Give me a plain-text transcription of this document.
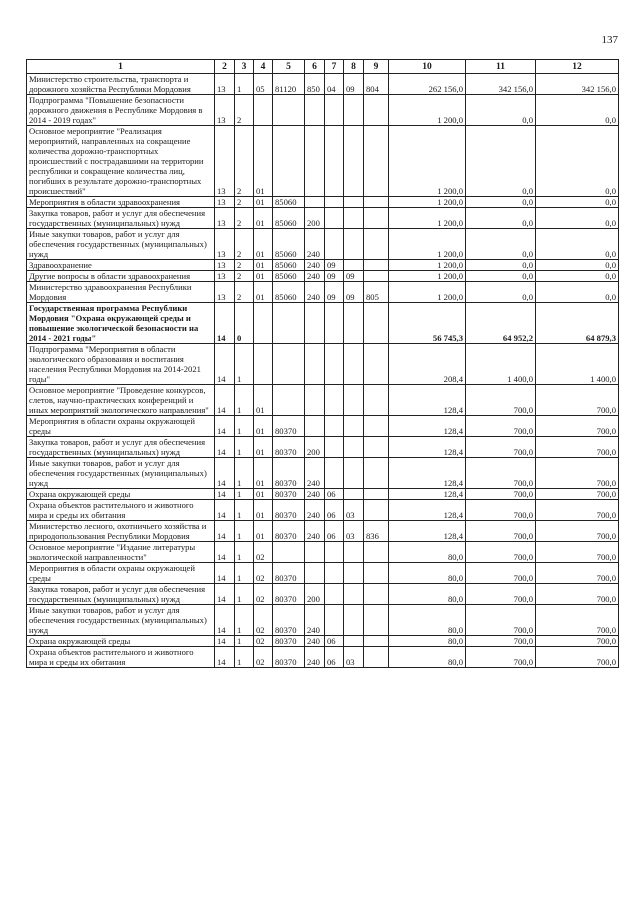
137
1	2	3	4	5	6	7	8	9	10	11	12
Министерство строительства, транспорта и дорожного хозяйства Республики Мордовия	13	1	05	81120	850	04	09	804	262 156,0	342 156,0	342 156,0
Подпрограмма "Повышение безопасности дорожного движения в Республике Мордовия в 2014 - 2019 годах"	13	2							1 200,0	0,0	0,0
Основное мероприятие "Реализация мероприятий, направленных на сокращение количества дорожно-транспортных происшествий с пострадавшими на территории республики и сокращение количества лиц, погибших в результате дорожно-транспортных происшествий"	13	2	01						1 200,0	0,0	0,0
Мероприятия в области здравоохранения	13	2	01	85060					1 200,0	0,0	0,0
Закупка товаров, работ и услуг для обеспечения государственных (муниципальных) нужд	13	2	01	85060	200				1 200,0	0,0	0,0
Иные закупки товаров, работ и услуг для обеспечения государственных (муниципальных) нужд	13	2	01	85060	240				1 200,0	0,0	0,0
Здравоохранение	13	2	01	85060	240	09			1 200,0	0,0	0,0
Другие вопросы в области здравоохранения	13	2	01	85060	240	09	09		1 200,0	0,0	0,0
Министерство здравоохранения Республики Мордовия	13	2	01	85060	240	09	09	805	1 200,0	0,0	0,0
Государственная программа Республики Мордовия "Охрана окружающей среды и повышение экологической безопасности на 2014 - 2021 годы"	14	0							56 745,3	64 952,2	64 879,3
Подпрограмма "Мероприятия в области экологического образования и воспитания населения Республики Мордовия на 2014-2021 годы"	14	1							208,4	1 400,0	1 400,0
Основное мероприятие "Проведение конкурсов, слетов, научно-практических конференций и иных мероприятий экологического направления"	14	1	01						128,4	700,0	700,0
Мероприятия в области охраны окружающей среды	14	1	01	80370					128,4	700,0	700,0
Закупка товаров, работ и услуг для обеспечения государственных (муниципальных) нужд	14	1	01	80370	200				128,4	700,0	700,0
Иные закупки товаров, работ и услуг для обеспечения государственных (муниципальных) нужд	14	1	01	80370	240				128,4	700,0	700,0
Охрана окружающей среды	14	1	01	80370	240	06			128,4	700,0	700,0
Охрана объектов растительного и животного мира и среды их обитания	14	1	01	80370	240	06	03		128,4	700,0	700,0
Министерство лесного, охотничьего хозяйства и природопользования Республики Мордовия	14	1	01	80370	240	06	03	836	128,4	700,0	700,0
Основное мероприятие "Издание литературы экологической направленности"	14	1	02						80,0	700,0	700,0
Мероприятия в области охраны окружающей среды	14	1	02	80370					80,0	700,0	700,0
Закупка товаров, работ и услуг для обеспечения государственных (муниципальных) нужд	14	1	02	80370	200				80,0	700,0	700,0
Иные закупки товаров, работ и услуг для обеспечения государственных (муниципальных) нужд	14	1	02	80370	240				80,0	700,0	700,0
Охрана окружающей среды	14	1	02	80370	240	06			80,0	700,0	700,0
Охрана объектов растительного и животного мира и среды их обитания	14	1	02	80370	240	06	03		80,0	700,0	700,0
